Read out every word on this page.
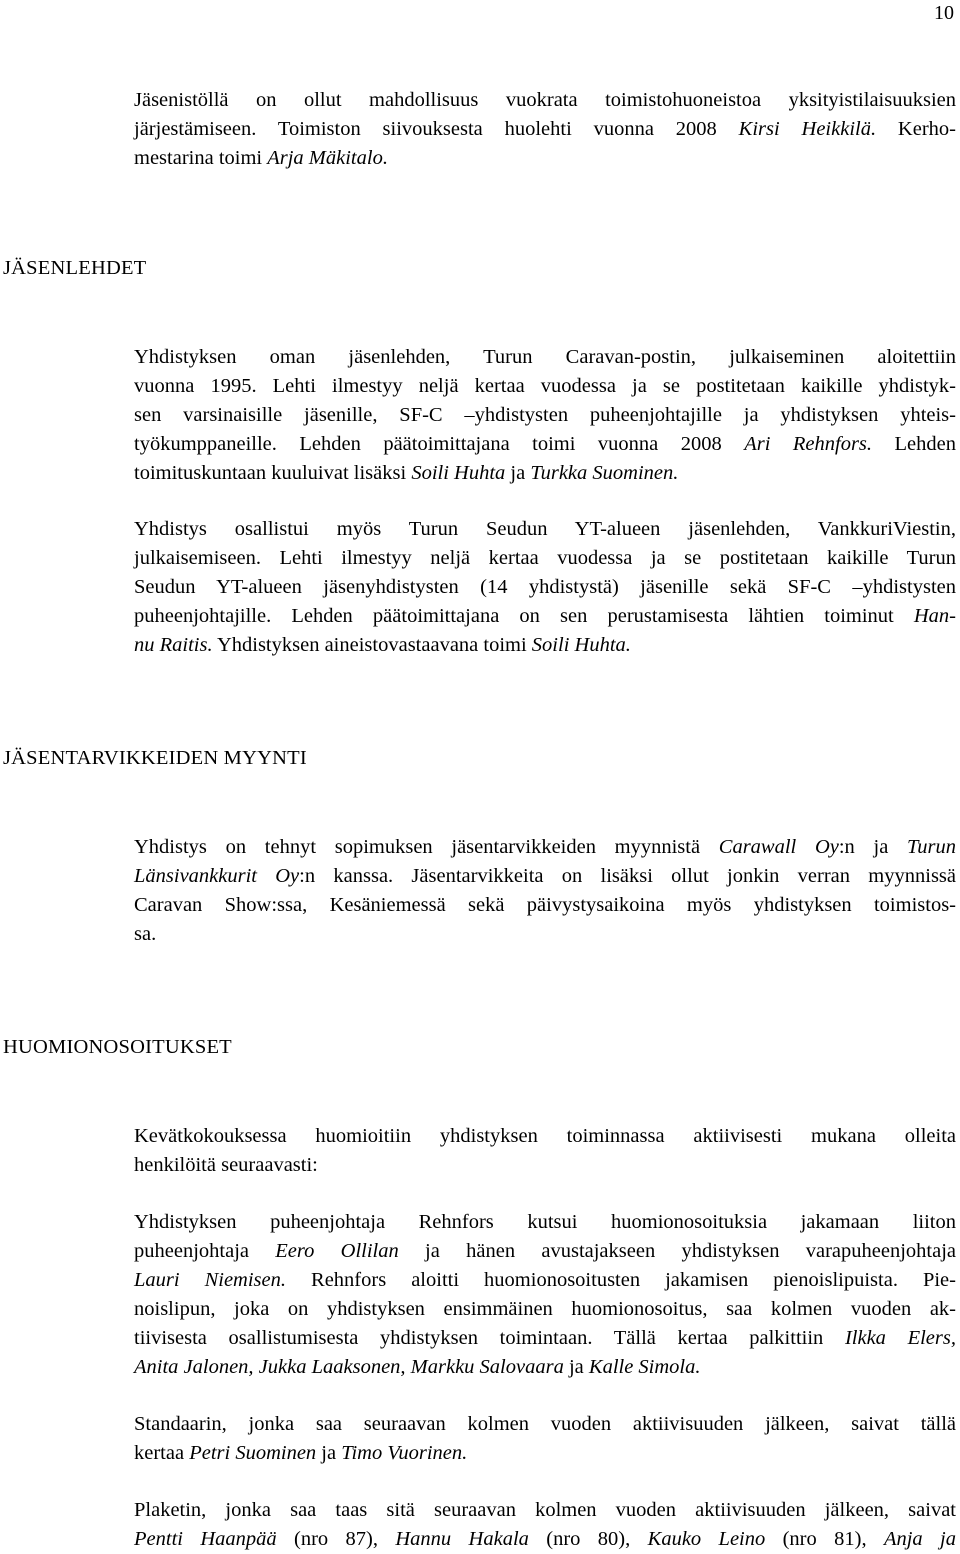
10
Jäsenistöllä on ollut mahdollisuus vuokrata toimistohuoneistoa yksityistilaisuuksien
järjestämiseen. Toimiston siivouksesta huolehti vuonna 2008 Kirsi Heikkilä. Kerho-
mestarina toimi Arja Mäkitalo.
JÄSENLEHDET
Yhdistyksen oman jäsenlehden, Turun Caravan-postin, julkaiseminen aloitettiin
vuonna 1995. Lehti ilmestyy neljä kertaa vuodessa ja se postitetaan kaikille yhdistyk-
sen varsinaisille jäsenille, SF-C –yhdistysten puheenjohtajille ja yhdistyksen yhteis-
työkumppaneille. Lehden päätoimittajana toimi vuonna 2008 Ari Rehnfors. Lehden
toimituskuntaan kuuluivat lisäksi Soili Huhta ja Turkka Suominen.
Yhdistys osallistui myös Turun Seudun YT-alueen jäsenlehden, VankkuriViestin,
julkaisemiseen. Lehti ilmestyy neljä kertaa vuodessa ja se postitetaan kaikille Turun
Seudun YT-alueen jäsenyhdistysten (14 yhdistystä) jäsenille sekä SF-C –yhdistysten
puheenjohtajille. Lehden päätoimittajana on sen perustamisesta lähtien toiminut Han-
nu Raitis. Yhdistyksen aineistovastaavana toimi Soili Huhta.
JÄSENTARVIKKEIDEN MYYNTI
Yhdistys on tehnyt sopimuksen jäsentarvikkeiden myynnistä Carawall Oy:n ja Turun
Länsivankkurit Oy:n kanssa. Jäsentarvikkeita on lisäksi ollut jonkin verran myynnissä
Caravan Show:ssa, Kesäniemessä sekä päivystysaikoina myös yhdistyksen toimistos-
sa.
HUOMIONOSOITUKSET
Kevätkokouksessa huomioitiin yhdistyksen toiminnassa aktiivisesti mukana olleita
henkilöitä seuraavasti:
Yhdistyksen puheenjohtaja Rehnfors kutsui huomionosoituksia jakamaan liiton
puheenjohtaja Eero Ollilan ja hänen avustajakseen yhdistyksen varapuheenjohtaja
Lauri Niemisen. Rehnfors aloitti huomionosoitusten jakamisen pienoislipuista. Pie-
noislipun, joka on yhdistyksen ensimmäinen huomionosoitus, saa kolmen vuoden ak-
tiivisesta osallistumisesta yhdistyksen toimintaan. Tällä kertaa palkittiin Ilkka Elers,
Anita Jalonen, Jukka Laaksonen, Markku Salovaara ja Kalle Simola.
Standaarin, jonka saa seuraavan kolmen vuoden aktiivisuuden jälkeen, saivat tällä
kertaa Petri Suominen ja Timo Vuorinen.
Plaketin, jonka saa taas sitä seuraavan kolmen vuoden aktiivisuuden jälkeen, saivat
Pentti Haanpää (nro 87), Hannu Hakala (nro 80), Kauko Leino (nro 81), Anja ja
